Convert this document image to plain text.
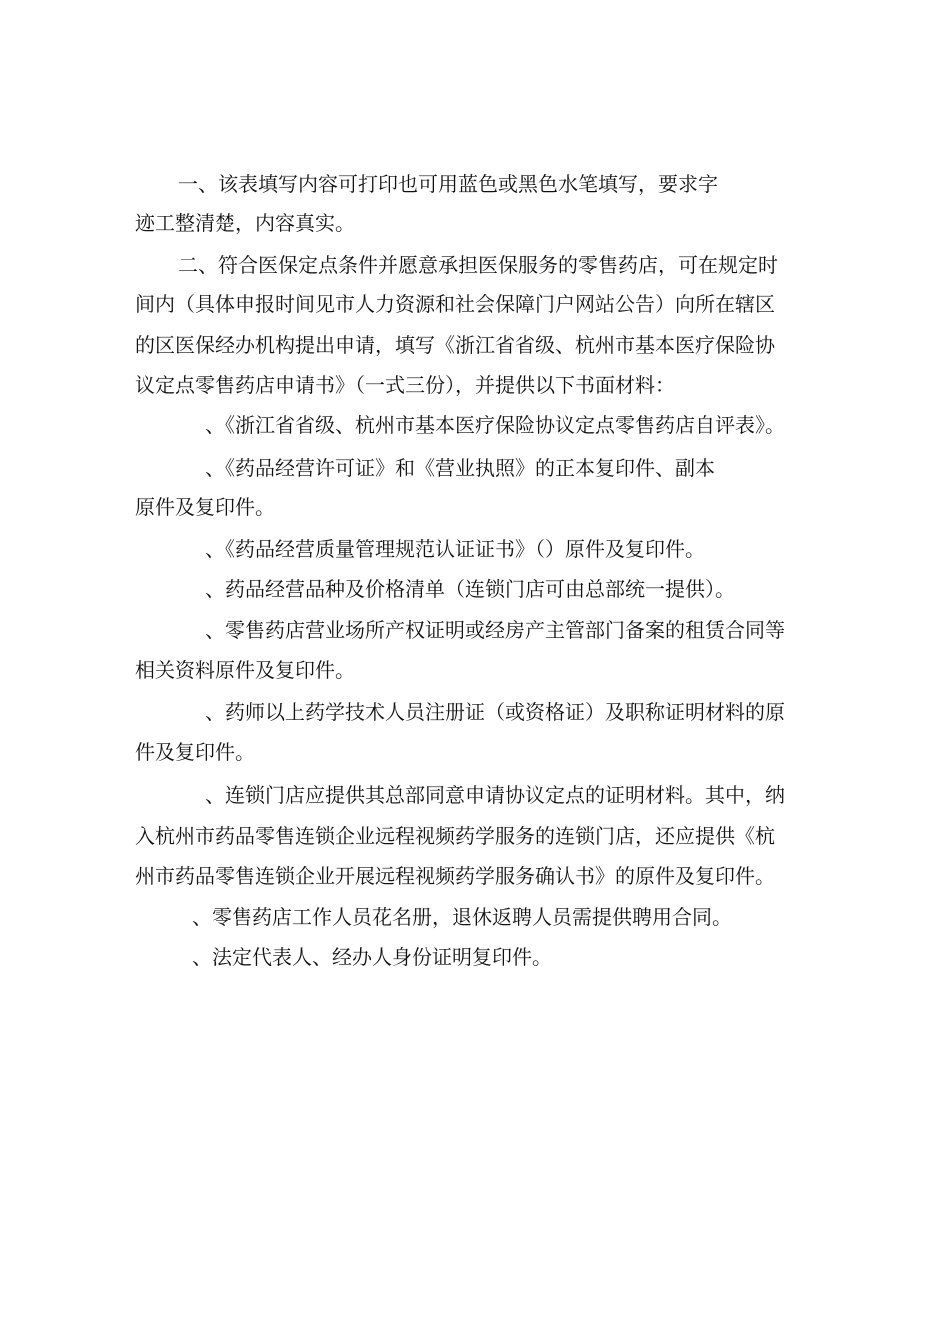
一、该表填写内容可打印也可用蓝色或黑色水笔填写，要求字
迹工整清楚，内容真实。
二、符合医保定点条件并愿意承担医保服务的零售药店，可在规定时
间内（具体申报时间见市人力资源和社会保障门户网站公告）向所在辖区
的区医保经办机构提出申请，填写《浙江省省级、杭州市基本医疗保险协
议定点零售药店申请书》（一式三份），并提供以下书面材料：
、《浙江省省级、杭州市基本医疗保险协议定点零售药店自评表》。
、《药品经营许可证》和《营业执照》的正本复印件、副本
原件及复印件。
、《药品经营质量管理规范认证证书》（）原件及复印件。
、药品经营品种及价格清单（连锁门店可由总部统一提供）。
、零售药店营业场所产权证明或经房产主管部门备案的租赁合同等
相关资料原件及复印件。
、药师以上药学技术人员注册证（或资格证）及职称证明材料的原
件及复印件。
、连锁门店应提供其总部同意申请协议定点的证明材料。其中，纳
入杭州市药品零售连锁企业远程视频药学服务的连锁门店，还应提供《杭
州市药品零售连锁企业开展远程视频药学服务确认书》的原件及复印件。
、零售药店工作人员花名册，退休返聘人员需提供聘用合同。
、法定代表人、经办人身份证明复印件。
